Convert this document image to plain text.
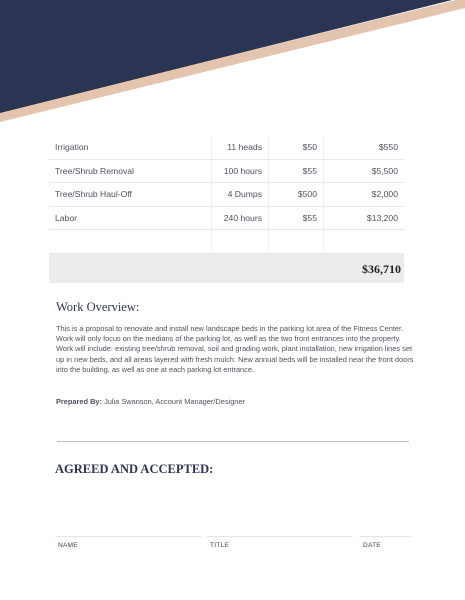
Irrigation	11 heads	$50	$550
Tree/Shrub Removal	100 hours	$55	$5,500
Tree/Shrub Haul-Off	4 Dumps	$500	$2,000
Labor	240 hours	$55	$13,200

$36,710
Work Overview:

This is a proposal to renovate and install new landscape beds in the parking lot area of the Fitness Center. Work will only focus on the medians of the parking lot, as well as the two front entrances into the property. Work will include: existing tree/shrub removal, soil and grading work, plant installation, new irrigation lines set up in new beds, and all areas layered with fresh mulch. New annual beds will be installed near the front doors into the building, as well as one at each parking lot entrance.

Prepared By: Julia Swanson, Account Manager/Designer

AGREED AND ACCEPTED:
NAME	TITLE	DATE
